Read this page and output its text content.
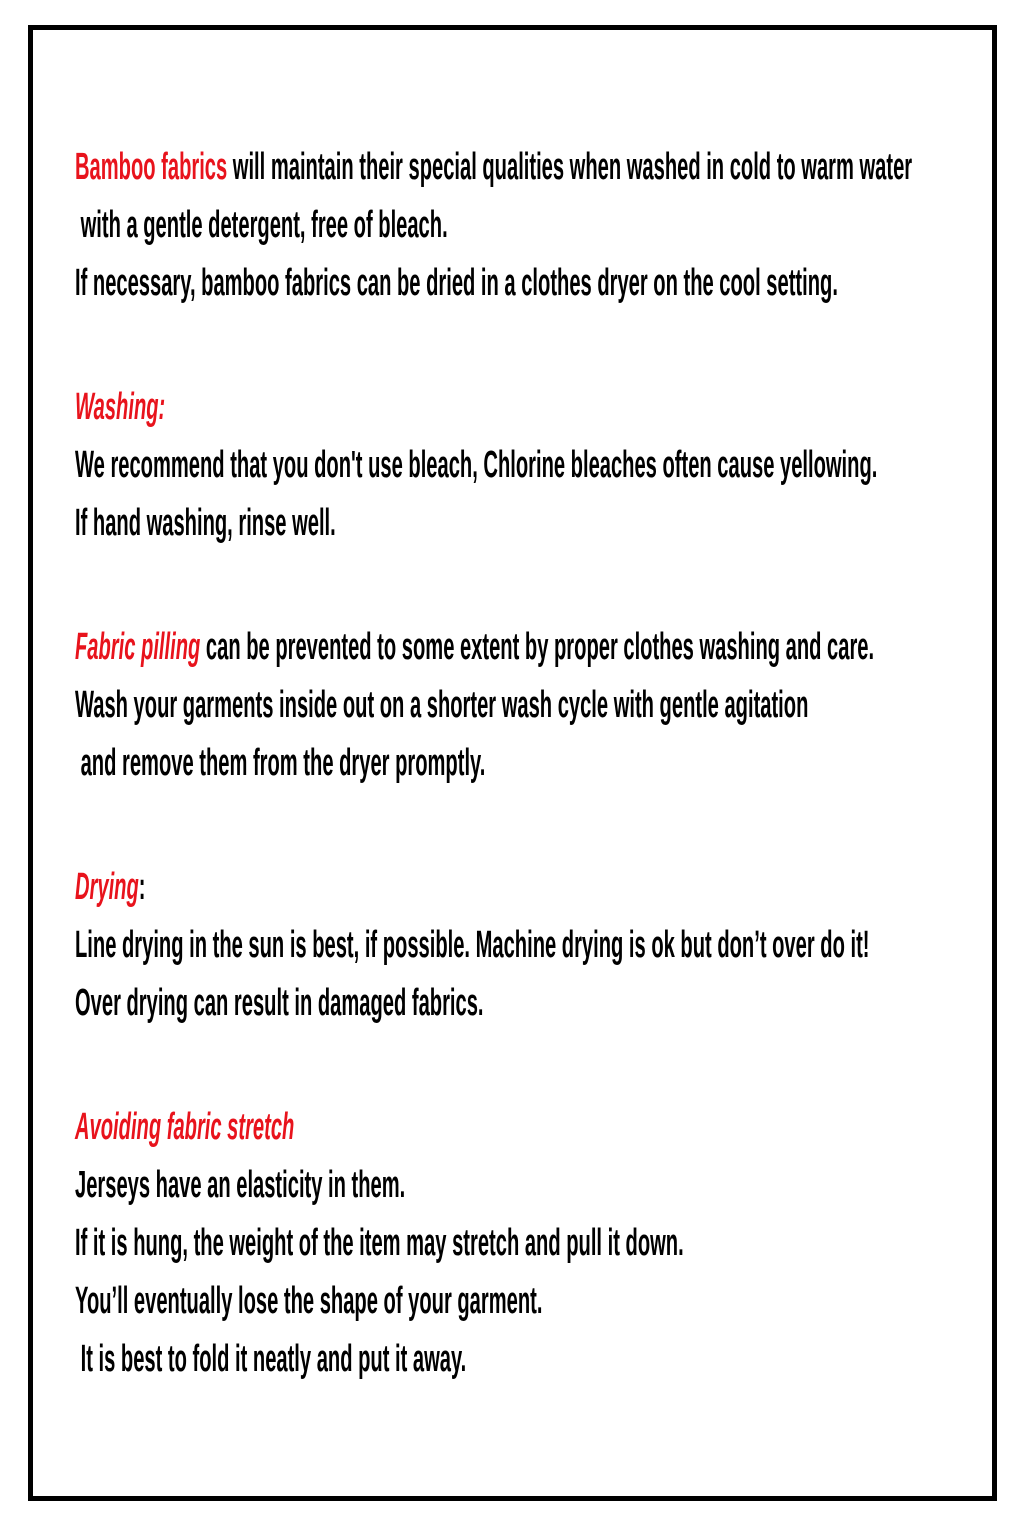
Bamboo fabrics will maintain their special qualities when washed in cold to warm water
with a gentle detergent, free of bleach.
If necessary, bamboo fabrics can be dried in a clothes dryer on the cool setting.
Washing:
We recommend that you don't use bleach, Chlorine bleaches often cause yellowing.
If hand washing, rinse well.
Fabric pilling can be prevented to some extent by proper clothes washing and care.
Wash your garments inside out on a shorter wash cycle with gentle agitation
and remove them from the dryer promptly.
Drying:
Line drying in the sun is best, if possible. Machine drying is ok but don’t over do it!
Over drying can result in damaged fabrics.
Avoiding fabric stretch
Jerseys have an elasticity in them.
If it is hung, the weight of the item may stretch and pull it down.
You’ll eventually lose the shape of your garment.
It is best to fold it neatly and put it away.
